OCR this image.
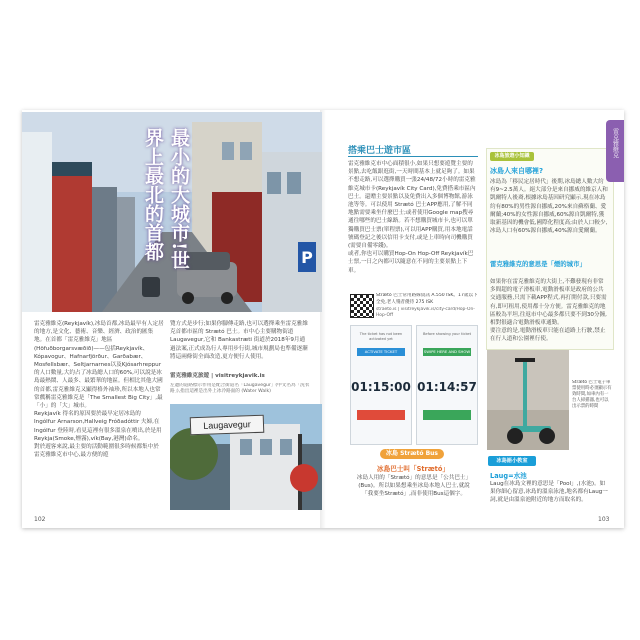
P
最小的大城市!世界上最北的首都
雷克雅維克(Reykjavík),冰島首都,冰島最早有人定居的地方,是文化、藝術、音樂、經濟、政治的匯集地。在首都「雷克雅維克」地區(Höfuðborgarsvæðið)——包括Reykjavík、Kópavogur、Hafnarfjörður、Garðabær、Mosfellsbær、Seltjarnarnes以及Kjósarhreppur的人口數量,大約占了冰島總人口的60%,可以說是冰島最熱鬧、人最多、最繁華的地區。但相比其他大國的首都,雷克雅維克又顯得格外袖珍,所以本地人也常常戲稱雷克雅維克是「The Smallest Big City」,最「小」的「大」城市。
Reykjavík 得名的原因要於最早定居冰島的 Ingólfur Arnarson,Hallveig Fróðadóttir 夫婦,在 Ingólfur 登陸時,看見這裡有很多溫泉在噴出,於是用 Reykja(Smoke,煙霧),vík(Bay,港灣)命名。
對於遊客來說,最主要的活動範圍很多時候都集中於雷克雅維克市中心,最方便的遊
覽方式是步行;如果你腳傳走路,也可以選擇乘坐雷克雅維克首都市區的 Strætó 巴士。市中心主要購物街道 Laugavegur,它和 Bankastræti 街道於2018年9月通過法案,正式成為行人專用步行街,城市規劃局也準備逐漸將這兩條街全面改造,更方便行人使用。
雷克雅維克旅遊 | visitreykjavik.is
左邊的道路標示作用是配合街道名「Laugavegur」(中文名為「洗衣路」),指出這裡是出外上冰冷路面的 (Water Walk)
Laugavegur
102
搭乘巴士遊市區
雷克雅維克市中心面積很小,如果只想要遊覽主要的景點,去吃飯跟逛街,一天時間基本上就足夠了。如果不想走路,可以選擇購買一張24/48/72小時的雷克雅維克城市卡(Reykjavík City Card),免費搭乘市區內巴士。還贈主要景點以及免費出入多個博物館,游泳池等等。可以使用 Strætó 巴士APP應用,了解不同地點需要乘坐什麼巴士;或者使用Google map搜尋通往哪些的巴士線路。若不想購買城市卡,也可以單獨購買巴士票(單程票),可以用APP購買,用本地電話號碼登記之後以信用卡支付,或是上車時向司機購買(需要自備零錢)。
或者,你也可以購買Hop-On Hop-Off Reykjavík巴士票,一日之內都可以隨意在不同的主要景點上下車。
Strætó 巴士常用路線資訊 A.550 ISK。17歲以下全免,老人殘者優待 275 ISK
straeto.is | visitreykjavik.is/city-card/Hop-On-Hop-Off
The ticket has not been activated yet
ACTIVATE TICKET
01:15:00
Before showing your ticket
SWIPE HERE AND SHOW
01:14:57
冰島 Strætó Bus
冰島巴士叫「Strætó」
冰島人用的「Strætó」的意思是「公共巴士」(Bus)。所以如果想乘坐冰島本地人巴士,就說「我要坐Strætó」,而非使用Bus這個字。
冰島旅遊小知識
冰島人來自哪裡?
冰島為「移民定居時代」後期,冰島總人數大約有9~2.5萬人。絕大部分是來自挪威的維京人和凱爾特人後裔,根據冰島基因研究顯示,現在冰島約有80%的男性源自挪威,20%來自蘇格蘭、愛爾蘭;40%的女性源自挪威,60%源自凱爾特,獲取新基因的機會低,國際化程度高;由於人口較少,冰島人口有60%源自挪威,40%源自愛爾蘭。
雷克雅維克的意思是「煙的城市」
如果你在雷克雅維克的大街上,不難發現有非常多間超的電子滑板車,電動滑板車是政府的公共交通服務,只需下載APP程式,再打開付款,只要需有,即可租用,使用都十分方便。雷克雅維克的地區較為平坦,往返市中心最多都只要不到30分鐘,相對很適合電動滑板車通勤。
要注意的是,電動滑板車只能在道路上行駛,禁止在行人道和公園裡行使。
Strætó 巴士電子車票使用時必須顯示有效時間,如車內有一台人掃描器,也可以出示票的時間
冰島語小教室
Laug=水池
Laug在冰島文裡的意思是「Pool」,(水池)。如果你細心留意,冰島的溫泉泳池,地名都有Laug一詞,就是由溫泉池附近的地方而取名的。
雷克雅維克
103
